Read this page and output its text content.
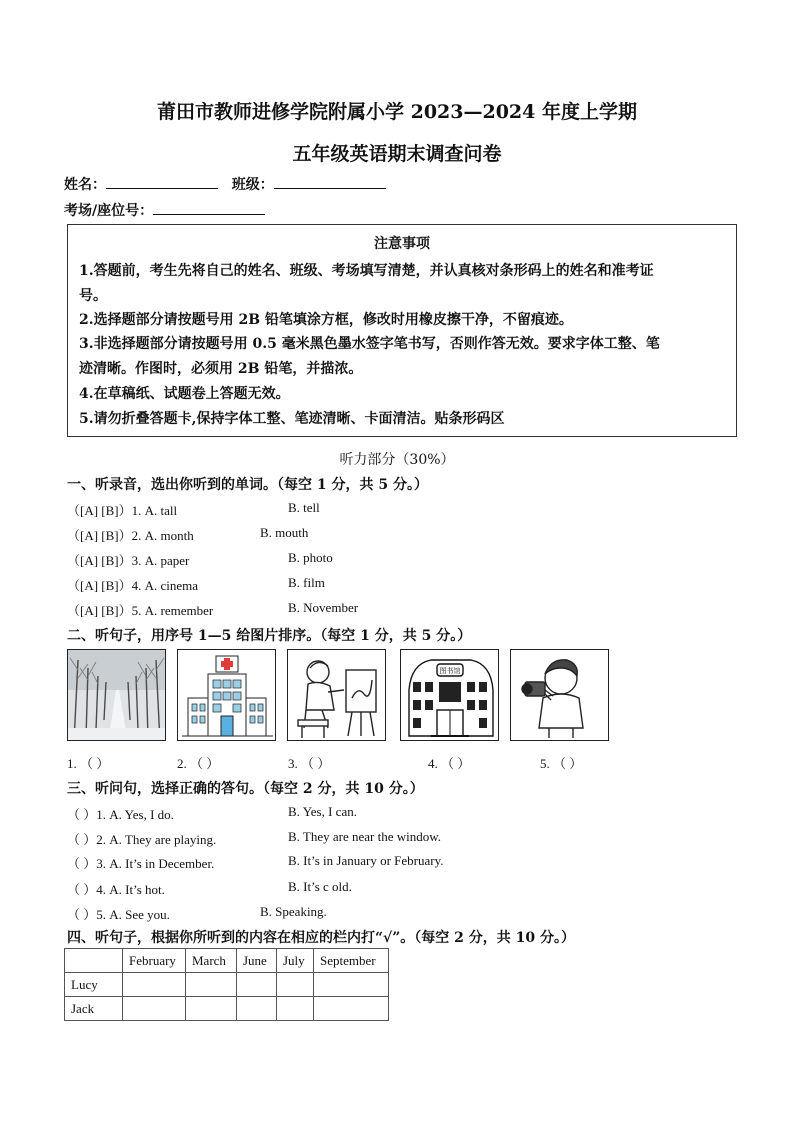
莆田市教师进修学院附属小学 2023—2024 年度上学期
五年级英语期末调查问卷
姓名：	班级：
考场/座位号：
注意事项
1.答题前，考生先将自己的姓名、班级、考场填写清楚，并认真核对条形码上的姓名和准考证
号。
2.选择题部分请按题号用 2B 铅笔填涂方框，修改时用橡皮擦干净，不留痕迹。
3.非选择题部分请按题号用 0.5 毫米黑色墨水签字笔书写，否则作答无效。要求字体工整、笔
迹清晰。作图时，必须用 2B 铅笔，并描浓。
4.在草稿纸、试题卷上答题无效。
5.请勿折叠答题卡,保持字体工整、笔迹清晰、卡面清洁。贴条形码区
听力部分（30%）
一、听录音，选出你听到的单词。（每空 1 分，共 5 分。）
（[A] [B]）1. A. tall	B. tell
（[A] [B]）2. A. month	B. mouth
（[A] [B]）3. A. paper	B. photo
（[A] [B]）4. A. cinema	B. film
（[A] [B]）5. A. remember	B. November
二、听句子，用序号 1—5 给图片排序。（每空 1 分，共 5 分。）
图书馆
1. （ ）	2. （ ）	3. （ ）	4. （ ）	5. （ ）
三、听问句，选择正确的答句。（每空 2 分，共 10 分。）
（ ）1. A. Yes, I do.	B. Yes, I can.
（ ）2. A. They are playing.	B. They are near the window.
（ ）3. A. It’s in December.	B. It’s in January or February.
（ ）4. A. It’s hot.	B. It’s c old.
（ ）5. A. See you.	B. Speaking.
四、听句子，根据你所听到的内容在相应的栏内打“√”。（每空 2 分，共 10 分。）
	February	March	June	July	September
Lucy					
Jack					
